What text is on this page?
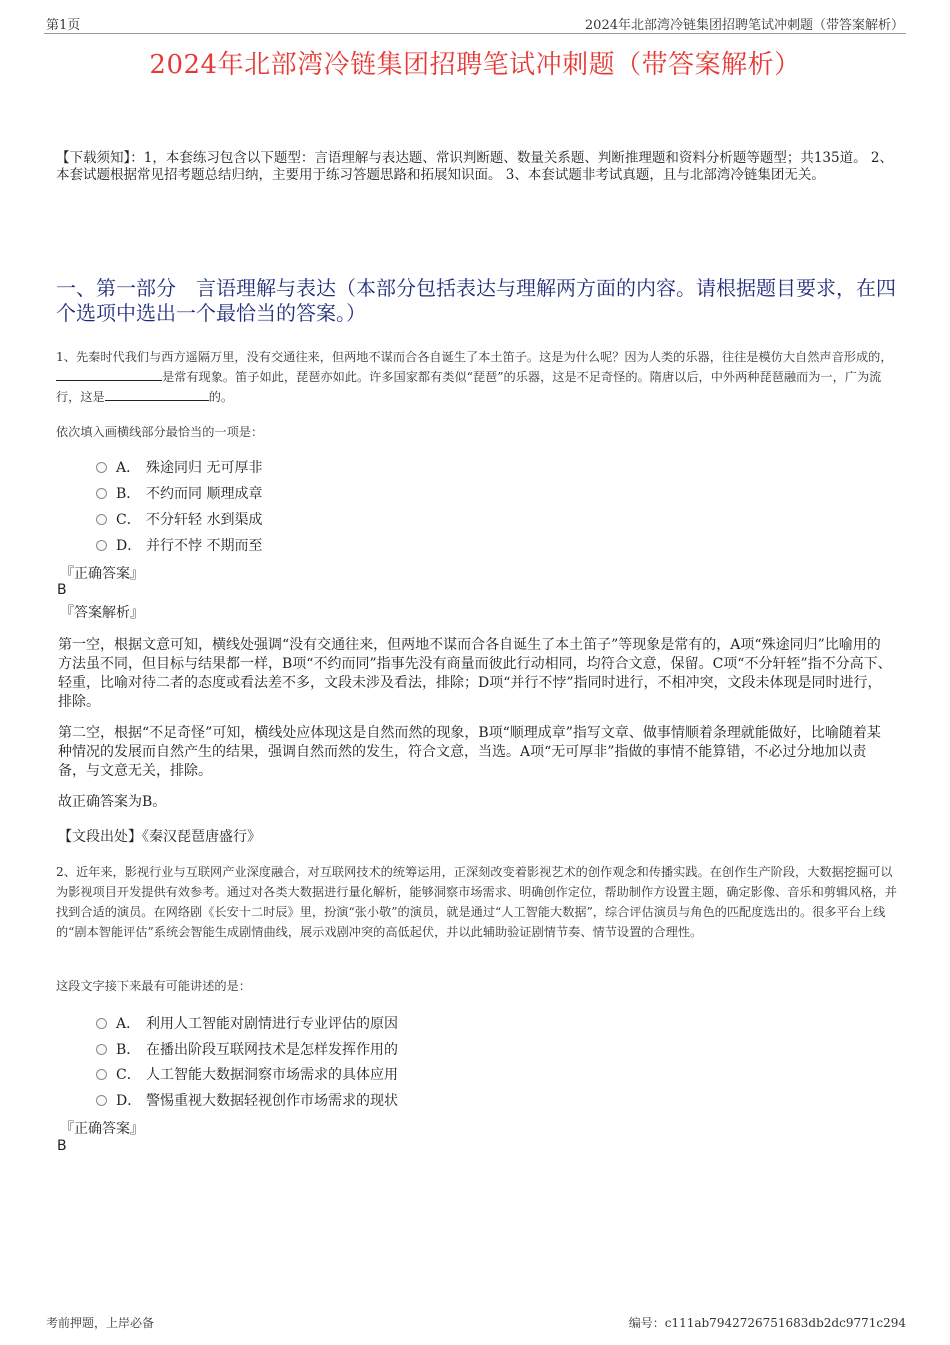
第1页	2024年北部湾冷链集团招聘笔试冲刺题（带答案解析）
2024年北部湾冷链集团招聘笔试冲刺题（带答案解析）
【下载须知】：1，本套练习包含以下题型：言语理解与表达题、常识判断题、数量关系题、判断推理题和资料分析题等题型；共135道。 2、本套试题根据常见招考题总结归纳，主要用于练习答题思路和拓展知识面。 3、本套试题非考试真题，且与北部湾冷链集团无关。
一、第一部分　言语理解与表达（本部分包括表达与理解两方面的内容。请根据题目要求，在四个选项中选出一个最恰当的答案。）
1、先秦时代我们与西方遥隔万里，没有交通往来，但两地不谋而合各自诞生了本土笛子。这是为什么呢？因为人类的乐器，往往是模仿大自然声音形成的，是常有现象。笛子如此，琵琶亦如此。许多国家都有类似“琵琶”的乐器，这是不足奇怪的。隋唐以后，中外两种琵琶融而为一，广为流行，这是	的。
依次填入画横线部分最恰当的一项是：
A． 殊途同归 无可厚非
B． 不约而同 顺理成章
C． 不分轩轻 水到渠成
D． 并行不悖 不期而至
『正确答案』
B
『答案解析』
第一空，根据文意可知，横线处强调“没有交通往来，但两地不谋而合各自诞生了本土笛子”等现象是常有的，A项“殊途同归”比喻用的方法虽不同，但目标与结果都一样，B项“不约而同”指事先没有商量而彼此行动相同，均符合文意，保留。C项“不分轩轾”指不分高下、轻重，比喻对待二者的态度或看法差不多，文段未涉及看法，排除；D项“并行不悖”指同时进行，不相冲突，文段未体现是同时进行，排除。
第二空，根据“不足奇怪”可知，横线处应体现这是自然而然的现象，B项“顺理成章”指写文章、做事情顺着条理就能做好，比喻随着某种情况的发展而自然产生的结果，强调自然而然的发生，符合文意，当选。A项“无可厚非”指做的事情不能算错，不必过分地加以责备，与文意无关，排除。
故正确答案为B。
【文段出处】《秦汉琵琶唐盛行》
2、近年来，影视行业与互联网产业深度融合，对互联网技术的统筹运用，正深刻改变着影视艺术的创作观念和传播实践。在创作生产阶段，大数据挖掘可以为影视项目开发提供有效参考。通过对各类大数据进行量化解析，能够洞察市场需求、明确创作定位，帮助制作方设置主题，确定影像、音乐和剪辑风格，并找到合适的演员。在网络剧《长安十二时辰》里，扮演“张小敬”的演员，就是通过“人工智能大数据”，综合评估演员与角色的匹配度选出的。很多平台上线的“剧本智能评估”系统会智能生成剧情曲线，展示戏剧冲突的高低起伏，并以此辅助验证剧情节奏、情节设置的合理性。
这段文字接下来最有可能讲述的是：
A． 利用人工智能对剧情进行专业评估的原因
B． 在播出阶段互联网技术是怎样发挥作用的
C． 人工智能大数据洞察市场需求的具体应用
D． 警惕重视大数据轻视创作市场需求的现状
『正确答案』
B
考前押题，上岸必备	编号：c111ab7942726751683db2dc9771c294
